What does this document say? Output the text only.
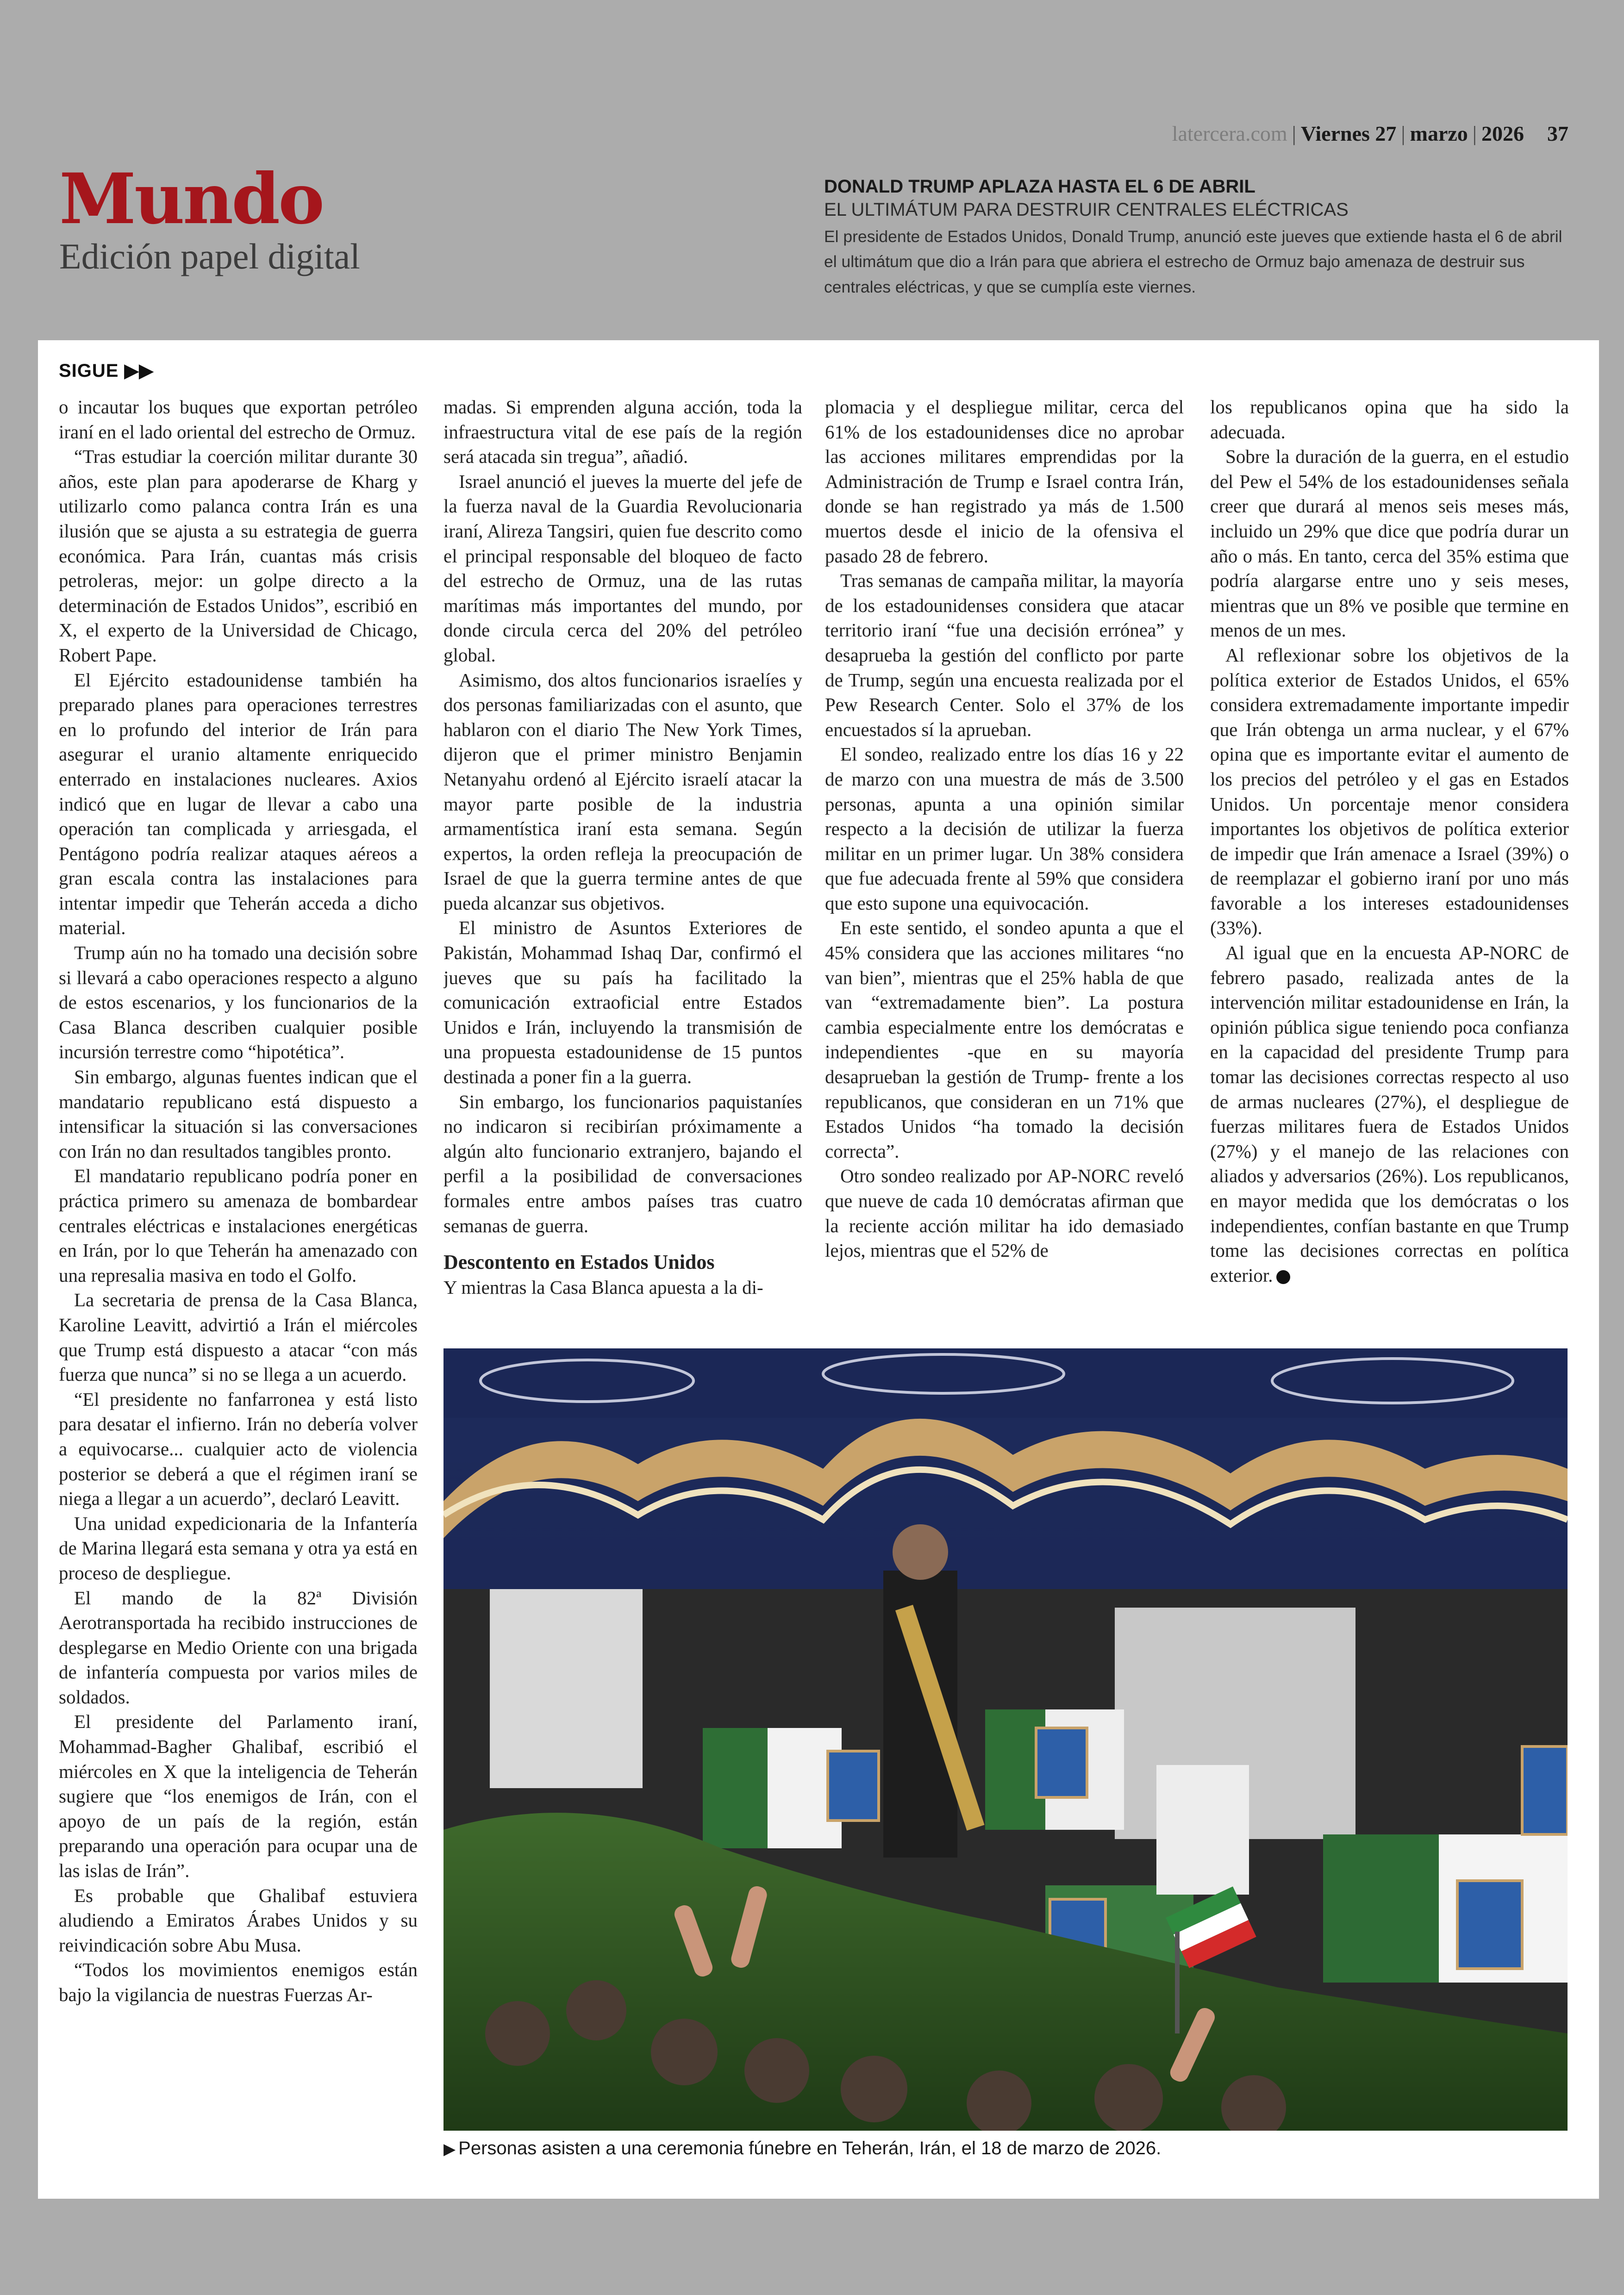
latercera.com | Viernes 27 | marzo | 2026 37
Mundo
Edición papel digital
DONALD TRUMP APLAZA HASTA EL 6 DE ABRIL
EL ULTIMÁTUM PARA DESTRUIR CENTRALES ELÉCTRICAS
El presidente de Estados Unidos, Donald Trump, anunció este jueves que extiende hasta el 6 de abril el ultimátum que dio a Irán para que abriera el estrecho de Ormuz bajo amenaza de destruir sus centrales eléctricas, y que se cumplía este viernes.
SIGUE ▶▶

o incautar los buques que exportan petróleo iraní en el lado oriental del estrecho de Ormuz.

“Tras estudiar la coerción militar durante 30 años, este plan para apoderarse de Kharg y utilizarlo como palanca contra Irán es una ilusión que se ajusta a su estrategia de guerra económica. Para Irán, cuantas más crisis petroleras, mejor: un golpe directo a la determinación de Estados Unidos”, escribió en X, el experto de la Universidad de Chicago, Robert Pape.

El Ejército estadounidense también ha preparado planes para operaciones terrestres en lo profundo del interior de Irán para asegurar el uranio altamente enriquecido enterrado en instalaciones nucleares. Axios indicó que en lugar de llevar a cabo una operación tan complicada y arriesgada, el Pentágono podría realizar ataques aéreos a gran escala contra las instalaciones para intentar impedir que Teherán acceda a dicho material.

Trump aún no ha tomado una decisión sobre si llevará a cabo operaciones respecto a alguno de estos escenarios, y los funcionarios de la Casa Blanca describen cualquier posible incursión terrestre como “hipotética”.

Sin embargo, algunas fuentes indican que el mandatario republicano está dispuesto a intensificar la situación si las conversaciones con Irán no dan resultados tangibles pronto.

El mandatario republicano podría poner en práctica primero su amenaza de bombardear centrales eléctricas e instalaciones energéticas en Irán, por lo que Teherán ha amenazado con una represalia masiva en todo el Golfo.

La secretaria de prensa de la Casa Blanca, Karoline Leavitt, advirtió a Irán el miércoles que Trump está dispuesto a atacar “con más fuerza que nunca” si no se llega a un acuerdo.

“El presidente no fanfarronea y está listo para desatar el infierno. Irán no debería volver a equivocarse... cualquier acto de violencia posterior se deberá a que el régimen iraní se niega a llegar a un acuerdo”, declaró Leavitt.

Una unidad expedicionaria de la Infantería de Marina llegará esta semana y otra ya está en proceso de despliegue.

El mando de la 82ª División Aerotransportada ha recibido instrucciones de desplegarse en Medio Oriente con una brigada de infantería compuesta por varios miles de soldados.

El presidente del Parlamento iraní, Mohammad-Bagher Ghalibaf, escribió el miércoles en X que la inteligencia de Teherán sugiere que “los enemigos de Irán, con el apoyo de un país de la región, están preparando una operación para ocupar una de las islas de Irán”.

Es probable que Ghalibaf estuviera aludiendo a Emiratos Árabes Unidos y su reivindicación sobre Abu Musa.

“Todos los movimientos enemigos están bajo la vigilancia de nuestras Fuerzas Ar-

madas. Si emprenden alguna acción, toda la infraestructura vital de ese país de la región será atacada sin tregua”, añadió.

Israel anunció el jueves la muerte del jefe de la fuerza naval de la Guardia Revolucionaria iraní, Alireza Tangsiri, quien fue descrito como el principal responsable del bloqueo de facto del estrecho de Ormuz, una de las rutas marítimas más importantes del mundo, por donde circula cerca del 20% del petróleo global.

Asimismo, dos altos funcionarios israelíes y dos personas familiarizadas con el asunto, que hablaron con el diario The New York Times, dijeron que el primer ministro Benjamin Netanyahu ordenó al Ejército israelí atacar la mayor parte posible de la industria armamentística iraní esta semana. Según expertos, la orden refleja la preocupación de Israel de que la guerra termine antes de que pueda alcanzar sus objetivos.

El ministro de Asuntos Exteriores de Pakistán, Mohammad Ishaq Dar, confirmó el jueves que su país ha facilitado la comunicación extraoficial entre Estados Unidos e Irán, incluyendo la transmisión de una propuesta estadounidense de 15 puntos destinada a poner fin a la guerra.

Sin embargo, los funcionarios paquistaníes no indicaron si recibirían próximamente a algún alto funcionario extranjero, bajando el perfil a la posibilidad de conversaciones formales entre ambos países tras cuatro semanas de guerra.

Descontento en Estados Unidos

Y mientras la Casa Blanca apuesta a la di-

plomacia y el despliegue militar, cerca del 61% de los estadounidenses dice no aprobar las acciones militares emprendidas por la Administración de Trump e Israel contra Irán, donde se han registrado ya más de 1.500 muertos desde el inicio de la ofensiva el pasado 28 de febrero.

Tras semanas de campaña militar, la mayoría de los estadounidenses considera que atacar territorio iraní “fue una decisión errónea” y desaprueba la gestión del conflicto por parte de Trump, según una encuesta realizada por el Pew Research Center. Solo el 37% de los encuestados sí la aprueban.

El sondeo, realizado entre los días 16 y 22 de marzo con una muestra de más de 3.500 personas, apunta a una opinión similar respecto a la decisión de utilizar la fuerza militar en un primer lugar. Un 38% considera que fue adecuada frente al 59% que considera que esto supone una equivocación.

En este sentido, el sondeo apunta a que el 45% considera que las acciones militares “no van bien”, mientras que el 25% habla de que van “extremadamente bien”. La postura cambia especialmente entre los demócratas e independientes -que en su mayoría desaprueban la gestión de Trump- frente a los republicanos, que consideran en un 71% que Estados Unidos “ha tomado la decisión correcta”.

Otro sondeo realizado por AP-NORC reveló que nueve de cada 10 demócratas afirman que la reciente acción militar ha ido demasiado lejos, mientras que el 52% de

los republicanos opina que ha sido la adecuada.

Sobre la duración de la guerra, en el estudio del Pew el 54% de los estadounidenses señala creer que durará al menos seis meses más, incluido un 29% que dice que podría durar un año o más. En tanto, cerca del 35% estima que podría alargarse entre uno y seis meses, mientras que un 8% ve posible que termine en menos de un mes.

Al reflexionar sobre los objetivos de la política exterior de Estados Unidos, el 65% considera extremadamente importante impedir que Irán obtenga un arma nuclear, y el 67% opina que es importante evitar el aumento de los precios del petróleo y el gas en Estados Unidos. Un porcentaje menor considera importantes los objetivos de política exterior de impedir que Irán amenace a Israel (39%) o de reemplazar el gobierno iraní por uno más favorable a los intereses estadounidenses (33%).

Al igual que en la encuesta AP-NORC de febrero pasado, realizada antes de la intervención militar estadounidense en Irán, la opinión pública sigue teniendo poca confianza en la capacidad del presidente Trump para tomar las decisiones correctas respecto al uso de armas nucleares (27%), el despliegue de fuerzas militares fuera de Estados Unidos (27%) y el manejo de las relaciones con aliados y adversarios (26%). Los republicanos, en mayor medida que los demócratas o los independientes, confían bastante en que Trump tome las decisiones correctas en política exterior.

▶ Personas asisten a una ceremonia fúnebre en Teherán, Irán, el 18 de marzo de 2026.
